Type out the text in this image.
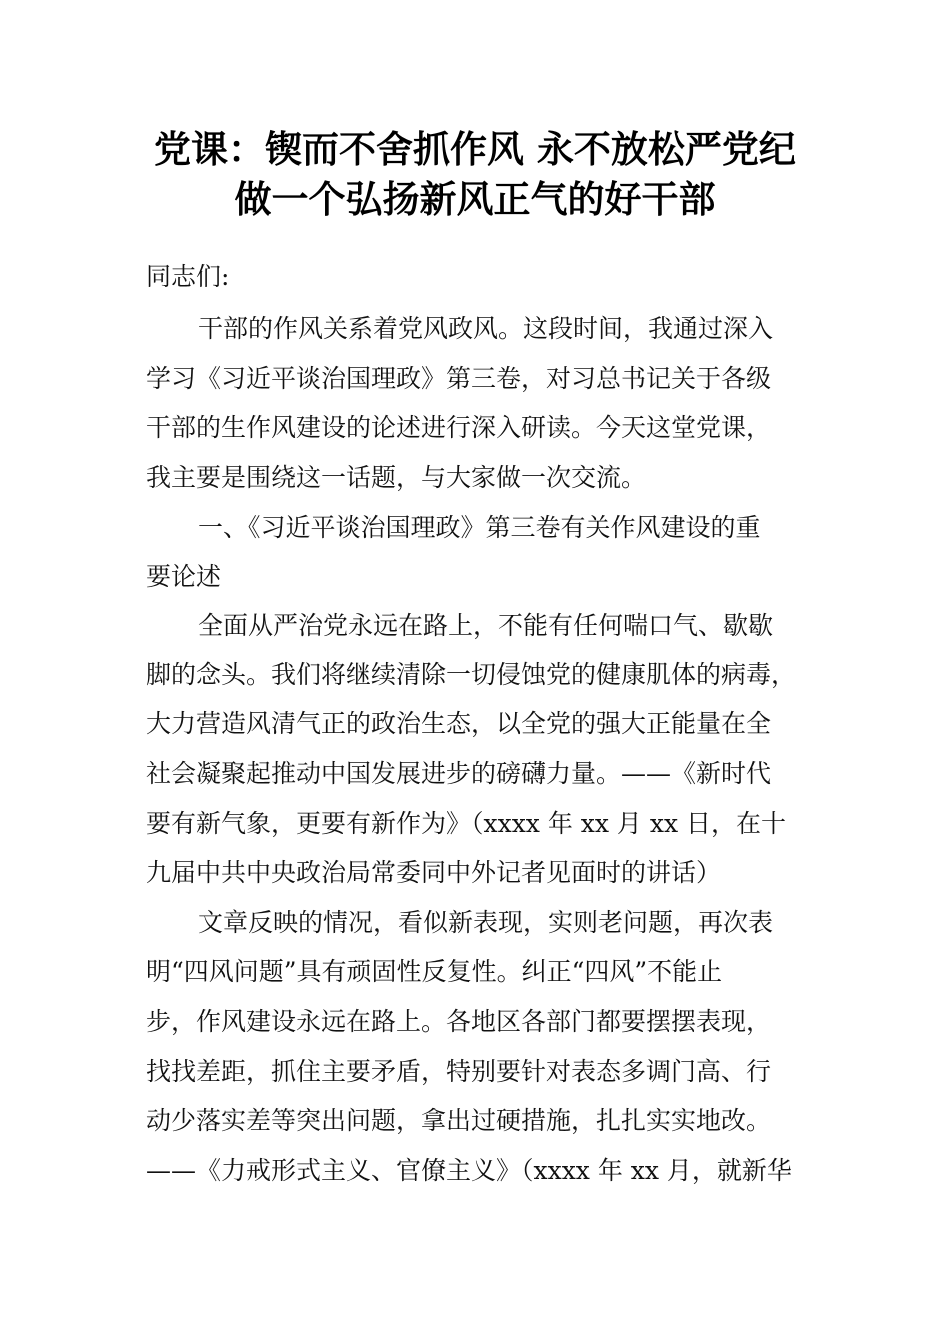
党课：锲而不舍抓作风 永不放松严党纪
做一个弘扬新风正气的好干部
同志们:
干部的作风关系着党风政风。这段时间，我通过深入
学习《习近平谈治国理政》第三卷，对习总书记关于各级
干部的生作风建设的论述进行深入研读。今天这堂党课，
我主要是围绕这一话题，与大家做一次交流。
一、《习近平谈治国理政》第三卷有关作风建设的重
要论述
全面从严治党永远在路上，不能有任何喘口气、歇歇
脚的念头。我们将继续清除一切侵蚀党的健康肌体的病毒，
大力营造风清气正的政治生态，以全党的强大正能量在全
社会凝聚起推动中国发展进步的磅礴力量。——《新时代
要有新气象，更要有新作为》（xxxx 年 xx 月 xx 日，在十
九届中共中央政治局常委同中外记者见面时的讲话）
文章反映的情况，看似新表现，实则老问题，再次表
明“四风问题”具有顽固性反复性。纠正“四风”不能止
步，作风建设永远在路上。各地区各部门都要摆摆表现，
找找差距，抓住主要矛盾，特别要针对表态多调门高、行
动少落实差等突出问题，拿出过硬措施，扎扎实实地改。
——《力戒形式主义、官僚主义》（xxxx 年 xx 月，就新华
